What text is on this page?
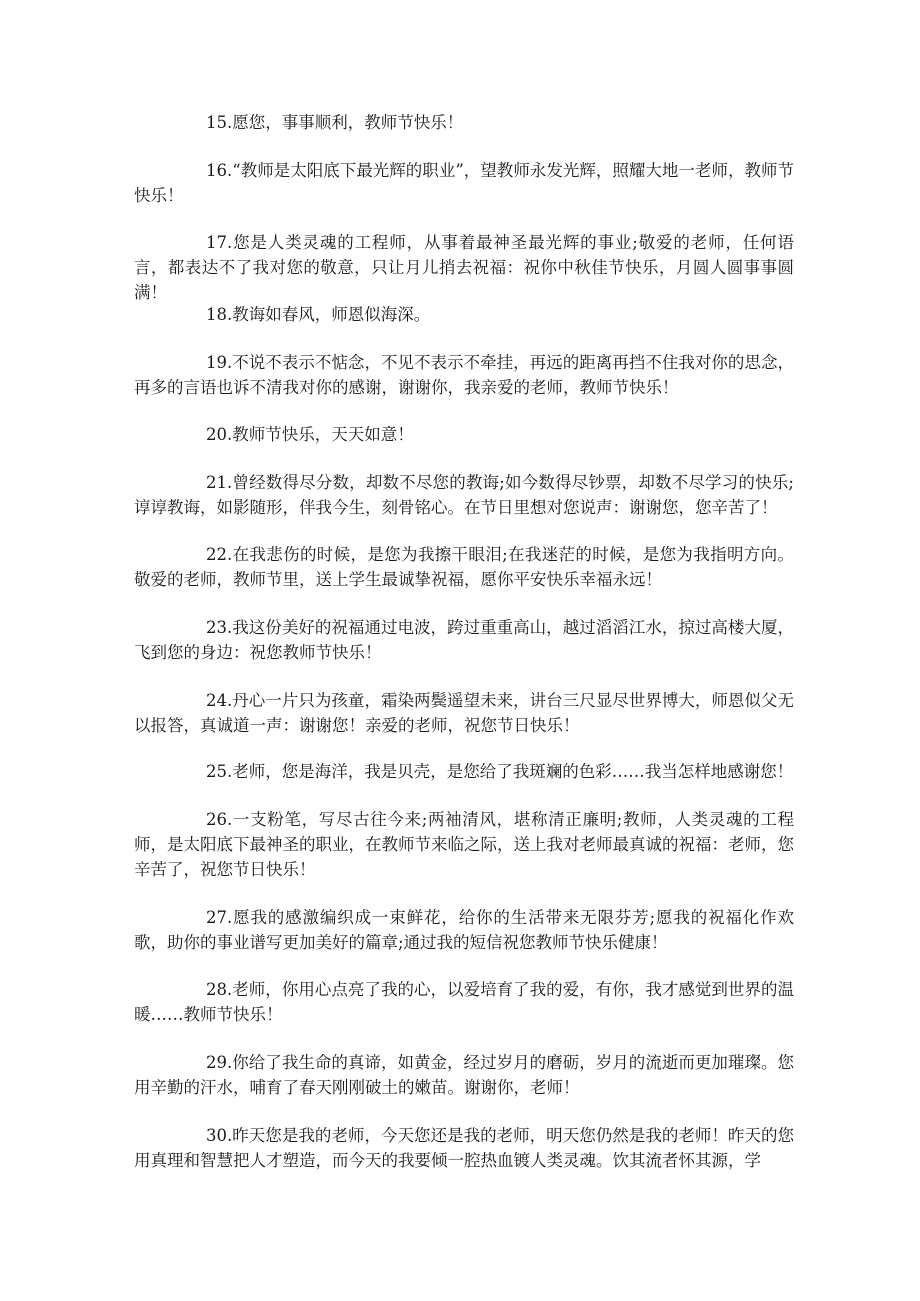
15.愿您，事事顺利，教师节快乐！

16.“教师是太阳底下最光辉的职业”，望教师永发光辉，照耀大地一老师，教师节快乐！

17.您是人类灵魂的工程师，从事着最神圣最光辉的事业;敬爱的老师，任何语言，都表达不了我对您的敬意，只让月儿捎去祝福：祝你中秋佳节快乐，月圆人圆事事圆满！

18.教诲如春风，师恩似海深。

19.不说不表示不惦念，不见不表示不牵挂，再远的距离再挡不住我对你的思念，再多的言语也诉不清我对你的感谢，谢谢你，我亲爱的老师，教师节快乐！

20.教师节快乐，天天如意！

21.曾经数得尽分数，却数不尽您的教诲;如今数得尽钞票，却数不尽学习的快乐;谆谆教诲，如影随形，伴我今生，刻骨铭心。在节日里想对您说声：谢谢您，您辛苦了！

22.在我悲伤的时候，是您为我擦干眼泪;在我迷茫的时候，是您为我指明方向。敬爱的老师，教师节里，送上学生最诚挚祝福，愿你平安快乐幸福永远！

23.我这份美好的祝福通过电波，跨过重重高山，越过滔滔江水，掠过高楼大厦，飞到您的身边：祝您教师节快乐！

24.丹心一片只为孩童，霜染两鬓遥望未来，讲台三尺显尽世界博大，师恩似父无以报答，真诚道一声：谢谢您！亲爱的老师，祝您节日快乐！

25.老师，您是海洋，我是贝壳，是您给了我斑斓的色彩……我当怎样地感谢您！

26.一支粉笔，写尽古往今来;两袖清风，堪称清正廉明;教师，人类灵魂的工程师，是太阳底下最神圣的职业，在教师节来临之际，送上我对老师最真诚的祝福：老师，您辛苦了，祝您节日快乐！

27.愿我的感激编织成一束鲜花，给你的生活带来无限芬芳;愿我的祝福化作欢歌，助你的事业谱写更加美好的篇章;通过我的短信祝您教师节快乐健康！

28.老师，你用心点亮了我的心，以爱培育了我的爱，有你，我才感觉到世界的温暖……教师节快乐！

29.你给了我生命的真谛，如黄金，经过岁月的磨砺，岁月的流逝而更加璀璨。您用辛勤的汗水，哺育了春天刚刚破土的嫩苗。谢谢你，老师！

30.昨天您是我的老师，今天您还是我的老师，明天您仍然是我的老师！昨天的您用真理和智慧把人才塑造，而今天的我要倾一腔热血镀人类灵魂。饮其流者怀其源，学
